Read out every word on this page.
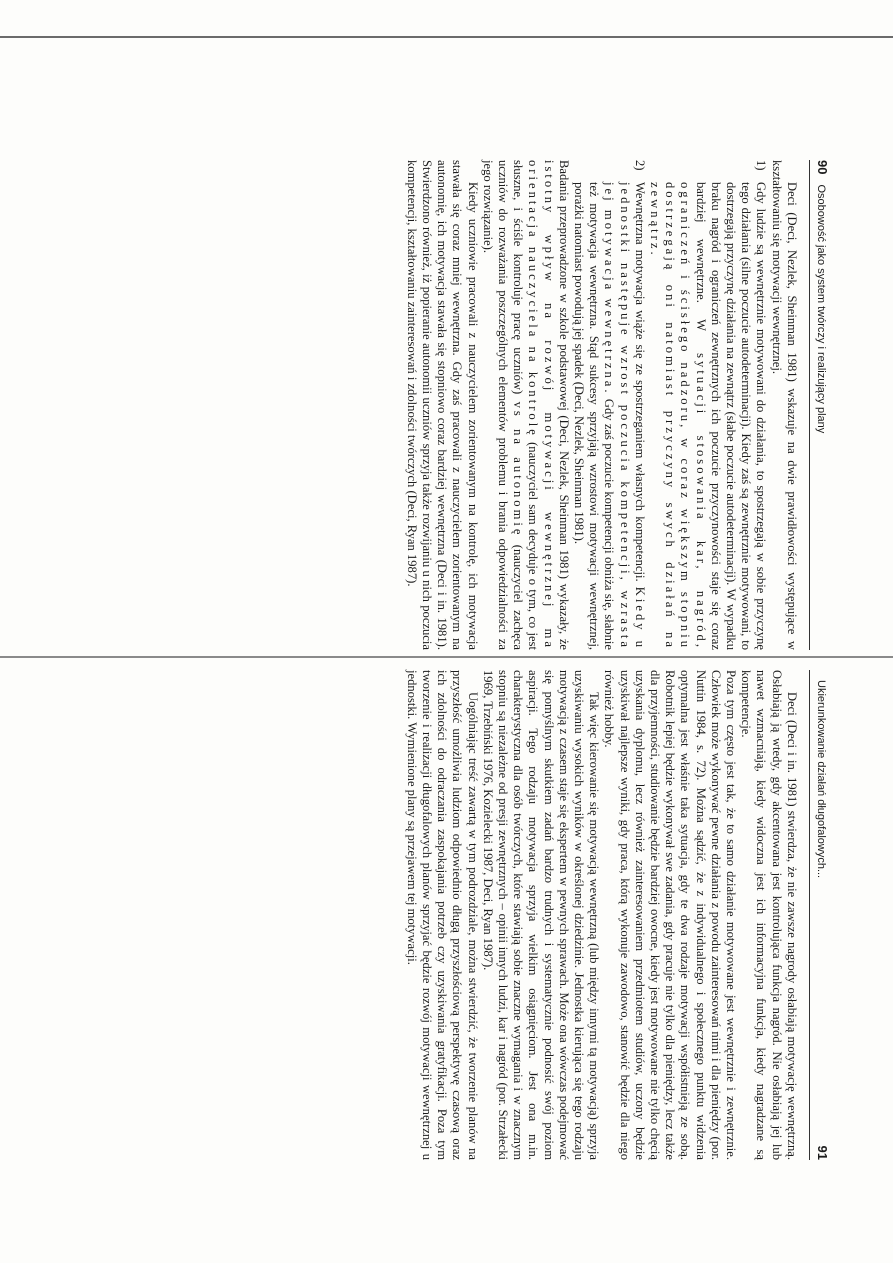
90
Osobowość jako system twórczy i realizujący plany

Deci (Deci, Nezlek, Sheinman 1981) wskazuje na dwie prawidłowości występujące w kształtowaniu się motywacji wewnętrznej.

1)
Gdy ludzie są wewnętrznie motywowani do działania, to spostrzegają w sobie przyczynę tego działania (silne poczucie autodeterminacji). Kiedy zaś są zewnętrznie motywowani, to dostrzegają przyczynę działania na zewnątrz (słabe poczucie autodeterminacji). W wypadku braku nagród i ograniczeń zewnętrznych ich poczucie przyczynowości staje się coraz bardziej wewnętrzne. W sytuacji stosowania kar, nagród, ograniczeń i ścisłego nadzoru, w coraz większym stopniu dostrzegają oni natomiast przyczyny swych działań na zewnątrz.
2)
Wewnętrzna motywacja wiąże się ze spostrzeganiem własnych kompetencji. Kiedy u jednostki następuje wzrost poczucia kompetencji, wzrasta jej motywacja wewnętrzna. Gdy zaś poczucie kompetencji obniża się, słabnie też motywacja wewnętrzna. Stąd sukcesy sprzyjają wzrostowi motywacji wewnętrznej, porażki natomiast powodują jej spadek (Deci, Nezlek, Sheinman 1981).

Badania przeprowadzone w szkole podstawowej (Deci, Nezlek, Sheinman 1981) wykazały, że istotny wpływ na rozwój motywacji wewnętrznej ma orientacja nauczyciela na kontrolę (nauczyciel sam decyduje o tym, co jest słuszne, i ściśle kontroluje pracę uczniów) vs na autonomię (nauczyciel zachęca uczniów do rozważania poszczególnych elementów problemu i brania odpowiedzialności za jego rozwiązanie).

Kiedy uczniowie pracowali z nauczycielem zorientowanym na kontrolę, ich motywacja stawała się coraz mniej wewnętrzna. Gdy zaś pracowali z nauczycielem zorientowanym na autonomię, ich motywacja stawała się stopniowo coraz bardziej wewnętrzna (Deci i in. 1981). Stwierdzono również, iż popieranie autonomii uczniów sprzyja także rozwijaniu u nich poczucia kompetencji, kształtowaniu zainteresowań i zdolności twórczych (Deci, Ryan 1987).

Ukierunkowanie działań długofalowych...
91

Deci (Deci i in. 1981) stwierdza, że nie zawsze nagrody osłabiają motywację wewnętrzną. Osłabiają ją wtedy, gdy akcentowana jest kontrolująca funkcja nagród. Nie osłabiają jej lub nawet wzmacniają, kiedy widoczna jest ich informacyjna funkcja, kiedy nagradzane są kompetencje.

Poza tym często jest tak, że to samo działanie motywowane jest wewnętrznie i zewnętrznie. Człowiek może wykonywać pewne działania z powodu zainteresowań nimi i dla pieniędzy (por. Nuttin 1984, s. 72). Można sądzić, że z indywidualnego i społecznego punktu widzenia optymalna jest właśnie taka sytuacja, gdy te dwa rodzaje motywacji współistnieją ze sobą. Robotnik lepiej będzie wykonywał swe zadania, gdy pracuje nie tylko dla pieniędzy, lecz także dla przyjemności, studiowanie będzie bardziej owocne, kiedy jest motywowane nie tylko chęcią uzyskania dyplomu, lecz również zainteresowaniem przedmiotem studiów, uczony będzie uzyskiwał najlepsze wyniki, gdy praca, którą wykonuje zawodowo, stanowić będzie dla niego również hobby.

Tak więc kierowanie się motywacją wewnętrzną (lub między innymi tą motywacją) sprzyja uzyskiwaniu wysokich wyników w określonej dziedzinie. Jednostka kierująca się tego rodzaju motywacją z czasem staje się ekspertem w pewnych sprawach. Może ona wówczas podejmować się pomyślnym skutkiem zadań bardzo trudnych i systematycznie podnosić swój poziom aspiracji. Tego rodzaju motywacja sprzyja wielkim osiągnięciom. Jest ona m.in. charakterystyczna dla osób twórczych, które stawiają sobie znaczne wymagania i w znacznym stopniu są niezależne od presji zewnętrznych – opinii innych ludzi, kar i nagród (por. Strzałecki 1969, Trzebiński 1976, Kozielecki 1987, Deci, Ryan 1987).

Uogólniając treść zawartą w tym podrozdziale, można stwierdzić, że tworzenie planów na przyszłość umożliwia ludziom odpowiednio długą przyszłościową perspektywę czasową oraz ich zdolności do odraczania zaspokajania potrzeb czy uzyskiwania gratyfikacji. Poza tym tworzenie i realizacji długofalowych planów sprzyjać będzie rozwój motywacji wewnętrznej u jednostki. Wymienione plany są przejawem tej motywacji.
